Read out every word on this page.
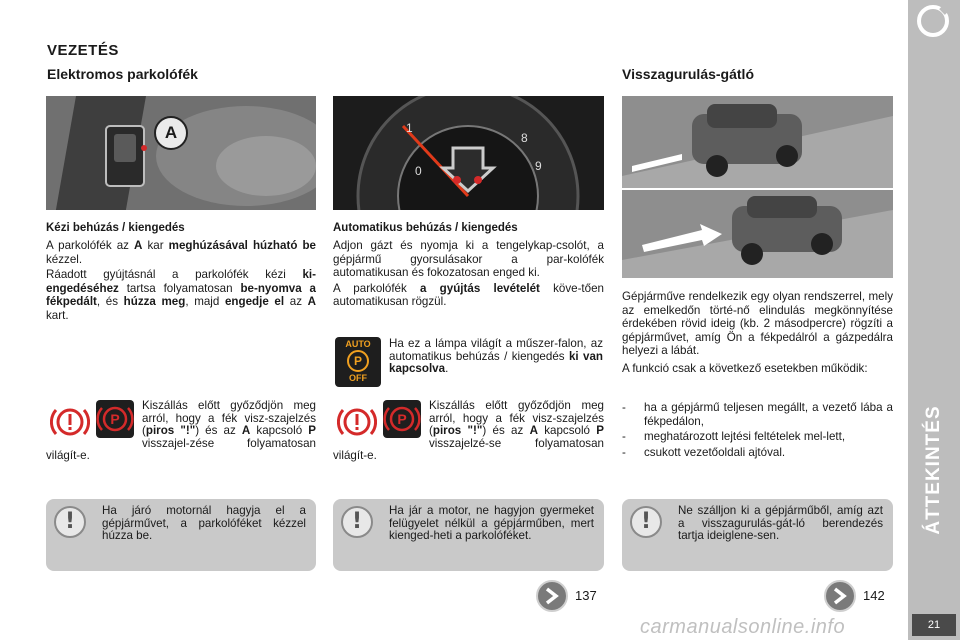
VEZETÉS
Elektromos parkolófék	Visszagurulás-gátló
A	1
0
8
9
Kézi behúzás / kiengedés

A parkolófék az A kar meghúzásával húzható be kézzel.

Ráadott gyújtásnál a parkolófék kézi ki-engedéséhez tartsa folyamatosan be-nyomva a fékpedált, és húzza meg, majd engedje el az A kart.

P
Kiszállás előtt győződjön meg arról, hogy a fék visz-szajelzés (piros "!") és az A kapcsoló P visszajel-zése folyamatosan világít-e.
!	Ha járó motornál hagyja el a gépjárművet, a parkolóféket kézzel húzza be.
Automatikus behúzás / kiengedés

Adjon gázt és nyomja ki a tengelykap-csolót, a gépjármű gyorsulásakor a par-kolófék automatikusan és fokozatosan enged ki.

A parkolófék a gyújtás levételét köve-tően automatikusan rögzül.

AUTO
P
OFF
Ha ez a lámpa világít a műszer-falon, az automatikus behúzás / kiengedés ki van kapcsolva.
P
Kiszállás előtt győződjön meg arról, hogy a fék visz-szajelzés (piros "!") és az A kapcsoló P visszajelzé-se folyamatosan világít-e.
!	Ha jár a motor, ne hagyjon gyermeket felügyelet nélkül a gépjárműben, mert kienged-heti a parkolóféket.
137

Gépjárműve rendelkezik egy olyan rendszerrel, mely az emelkedőn törté-nő elindulás megkönnyítése érdekében rövid ideig (kb. 2 másodpercre) rögzíti a gépjárművet, amíg Ön a fékpedálról a gázpedálra helyezi a lábát.

A funkció csak a következő esetekben működik:

-	ha a gépjármű teljesen megállt, a vezető lába a fékpedálon,
-	meghatározott lejtési feltételek mel-lett,
-	csukott vezetőoldali ajtóval.
!	Ne szálljon ki a gépjárműből, amíg azt a visszagurulás-gát-ló berendezés tartja ideiglene-sen.
142
ÁTTEKINTÉS
21
carmanualsonline.info
